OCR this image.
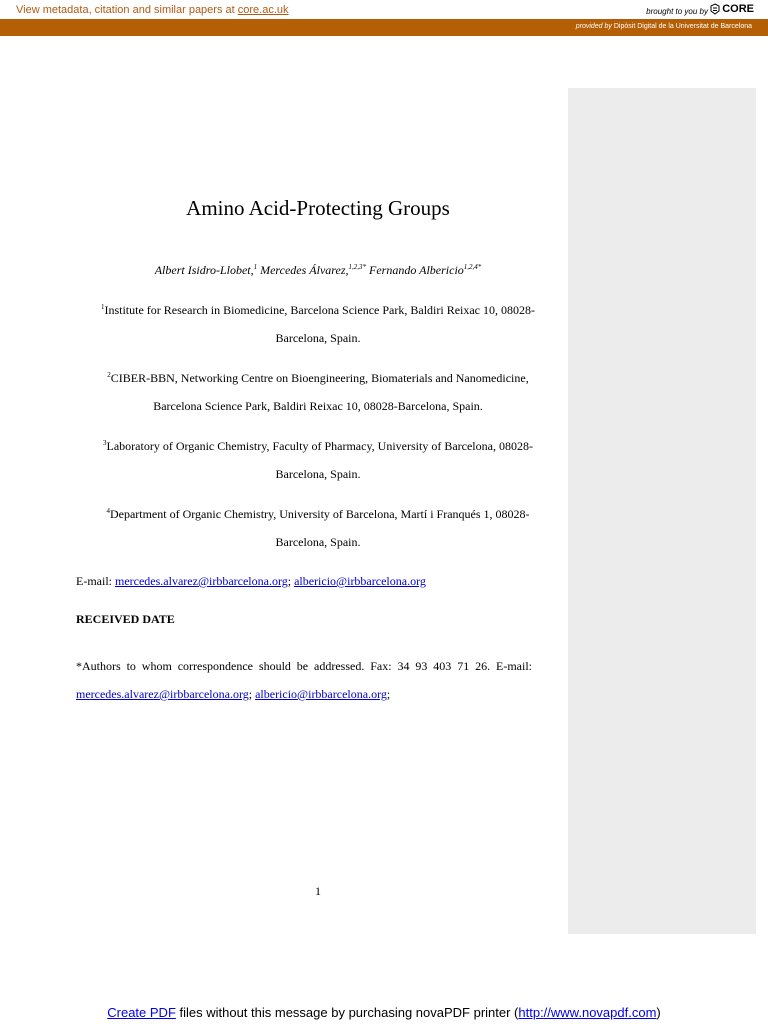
View metadata, citation and similar papers at core.ac.uk	brought to you by CORE
provided by Dipòsit Digital de la Universitat de Barcelona
Amino Acid-Protecting Groups
Albert Isidro-Llobet,$^1$ Mercedes Álvarez,$^{1,2,3*}$ Fernando Albericio$^{1,2,4*}$
$^1$Institute for Research in Biomedicine, Barcelona Science Park, Baldiri Reixac 10, 08028-
Barcelona, Spain.
$^2$CIBER-BBN, Networking Centre on Bioengineering, Biomaterials and Nanomedicine,
Barcelona Science Park, Baldiri Reixac 10, 08028-Barcelona, Spain.
$^3$Laboratory of Organic Chemistry, Faculty of Pharmacy, University of Barcelona, 08028-
Barcelona, Spain.
$^4$Department of Organic Chemistry, University of Barcelona, Martí i Franqués 1, 08028-
Barcelona, Spain.
E-mail: mercedes.alvarez@irbbarcelona.org; albericio@irbbarcelona.org
RECEIVED DATE
*Authors to whom correspondence should be addressed. Fax: 34 93 403 71 26. E-mail:
mercedes.alvarez@irbbarcelona.org; albericio@irbbarcelona.org;
1
Create PDF files without this message by purchasing novaPDF printer (http://www.novapdf.com)
